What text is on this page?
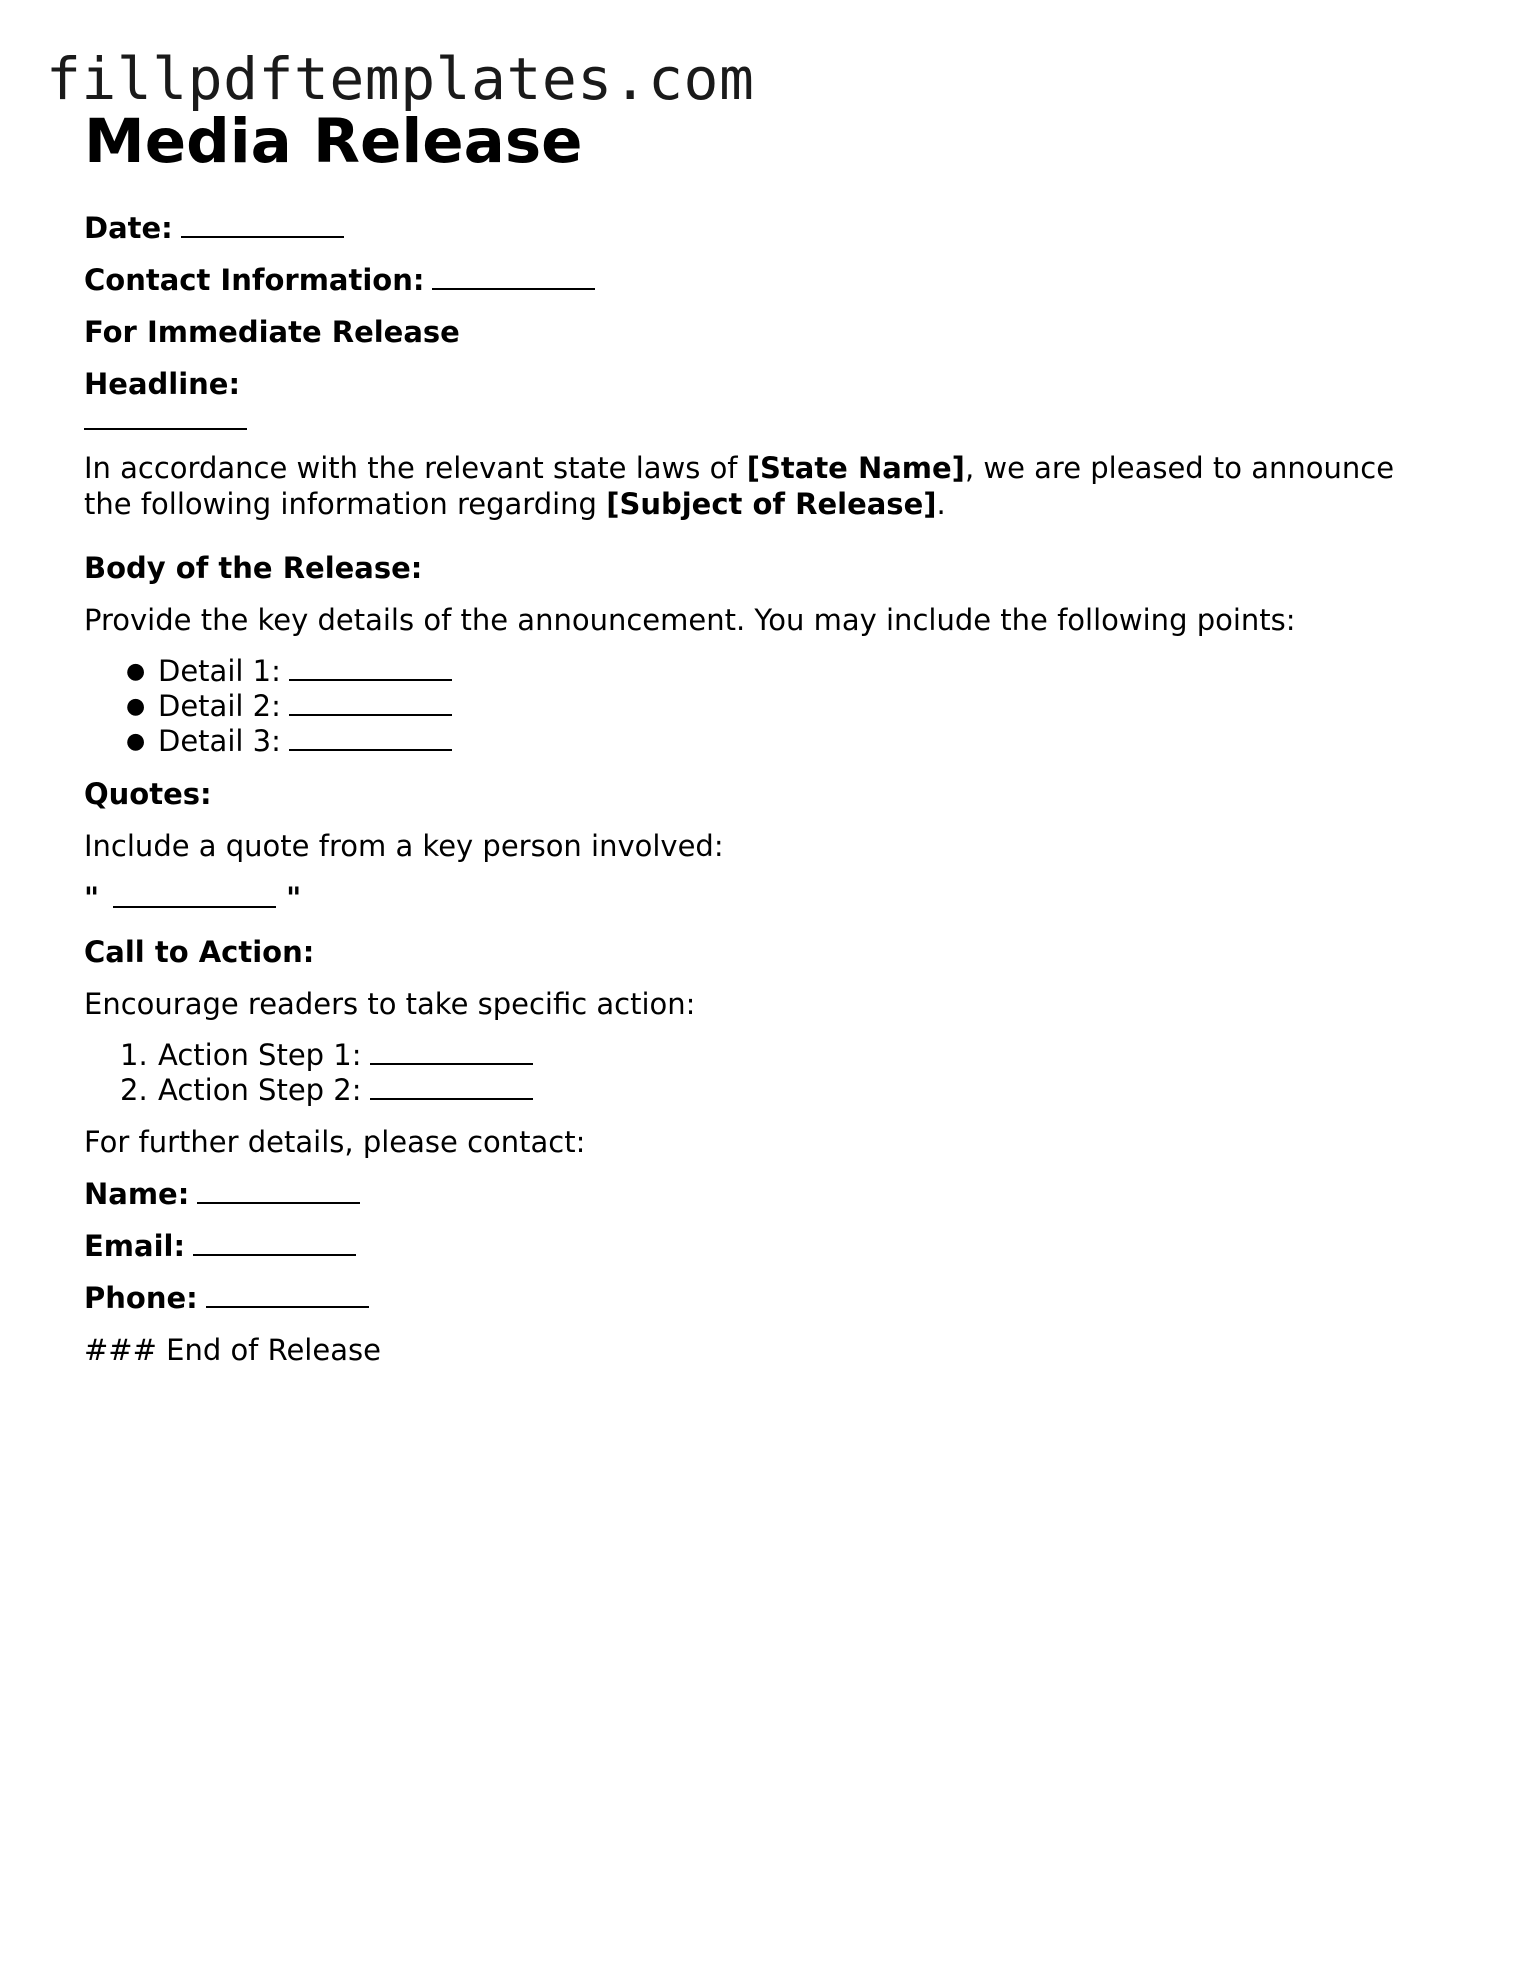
fillpdftemplates.com
Media Release
Date:
Contact Information:
For Immediate Release
Headline:
In accordance with the relevant state laws of [State Name], we are pleased to announce the following information regarding [Subject of Release].
Body of the Release:
Provide the key details of the announcement. You may include the following points:
● Detail 1:
● Detail 2:
● Detail 3:
Quotes:
Include a quote from a key person involved:
"	"
Call to Action:
Encourage readers to take specific action:
1. Action Step 1:
2. Action Step 2:
For further details, please contact:
Name:
Email:
Phone:
### End of Release
